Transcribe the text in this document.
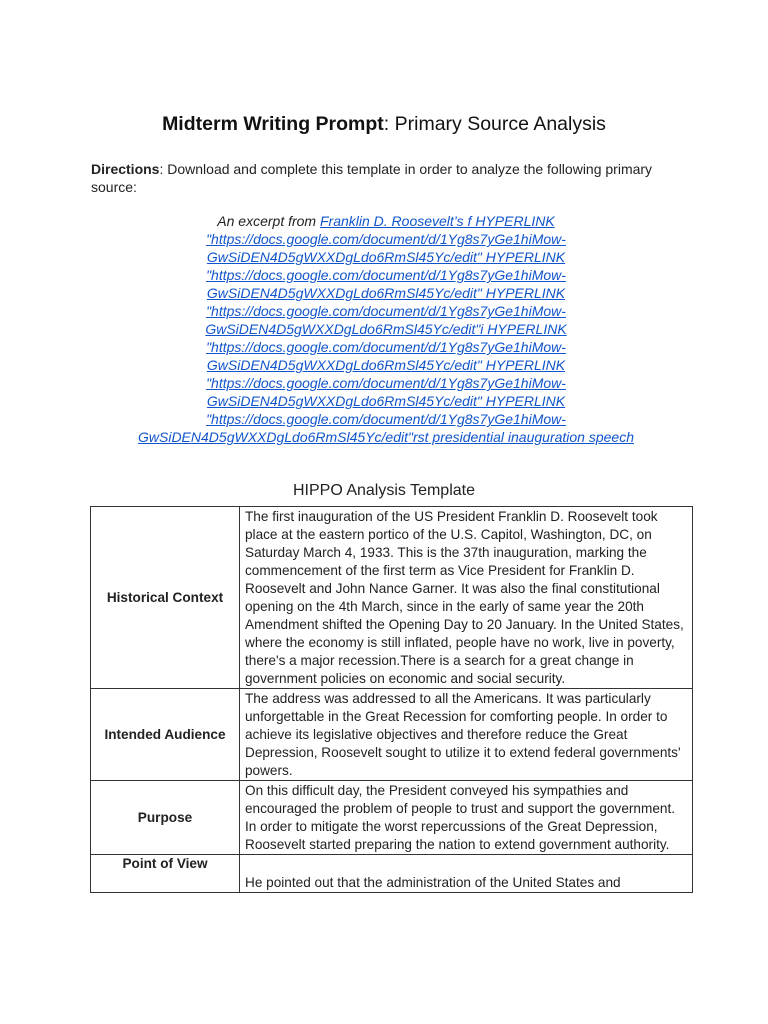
Midterm Writing Prompt: Primary Source Analysis
Directions: Download and complete this template in order to analyze the following primary source:
An excerpt from Franklin D. Roosevelt’s f HYPERLINK
"https://docs.google.com/document/d/1Yg8s7yGe1hiMow-
GwSiDEN4D5gWXXDgLdo6RmSl45Yc/edit" HYPERLINK
"https://docs.google.com/document/d/1Yg8s7yGe1hiMow-
GwSiDEN4D5gWXXDgLdo6RmSl45Yc/edit" HYPERLINK
"https://docs.google.com/document/d/1Yg8s7yGe1hiMow-
GwSiDEN4D5gWXXDgLdo6RmSl45Yc/edit"i HYPERLINK
"https://docs.google.com/document/d/1Yg8s7yGe1hiMow-
GwSiDEN4D5gWXXDgLdo6RmSl45Yc/edit" HYPERLINK
"https://docs.google.com/document/d/1Yg8s7yGe1hiMow-
GwSiDEN4D5gWXXDgLdo6RmSl45Yc/edit" HYPERLINK
"https://docs.google.com/document/d/1Yg8s7yGe1hiMow-
GwSiDEN4D5gWXXDgLdo6RmSl45Yc/edit"rst presidential inauguration speech
HIPPO Analysis Template
Historical Context	The first inauguration of the US President Franklin D. Roosevelt took place at the eastern portico of the U.S. Capitol, Washington, DC, on Saturday March 4, 1933. This is the 37th inauguration, marking the commencement of the first term as Vice President for Franklin D. Roosevelt and John Nance Garner. It was also the final constitutional opening on the 4th March, since in the early of same year the 20th Amendment shifted the Opening Day to 20 January. In the United States, where the economy is still inflated, people have no work, live in poverty, there's a major recession.There is a search for a great change in government policies on economic and social security.
Intended Audience	The address was addressed to all the Americans. It was particularly unforgettable in the Great Recession for comforting people. In order to achieve its legislative objectives and therefore reduce the Great Depression, Roosevelt sought to utilize it to extend federal governments' powers.
Purpose	On this difficult day, the President conveyed his sympathies and encouraged the problem of people to trust and support the government. In order to mitigate the worst repercussions of the Great Depression, Roosevelt started preparing the nation to extend government authority.
Point of View	He pointed out that the administration of the United States and
